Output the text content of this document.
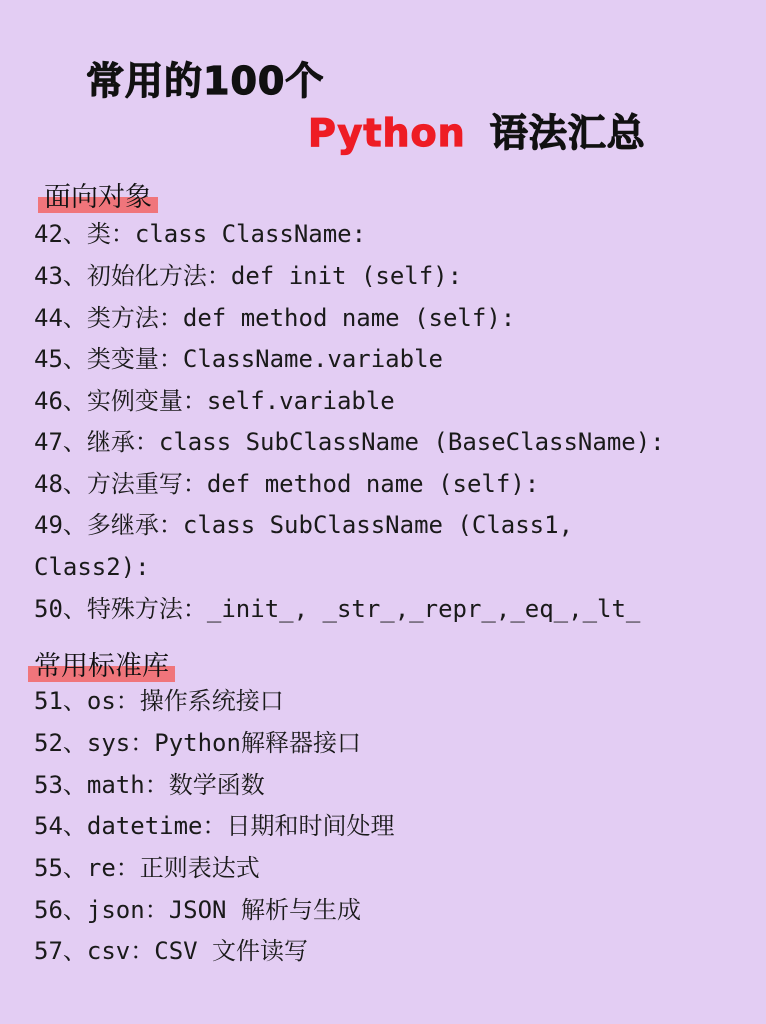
常用的100个
Python 语法汇总
面向对象
42、类：class ClassName:
43、初始化方法：def init (self):
44、类方法：def method name (self):
45、类变量：ClassName.variable
46、实例变量：self.variable
47、继承：class SubClassName (BaseClassName):
48、方法重写：def method name (self):
49、多继承：class SubClassName (Class1,
Class2):
50、特殊方法：_init_, _str_,_repr_,_eq_,_lt_
常用标准库
51、os：操作系统接口
52、sys：Python解释器接口
53、math：数学函数
54、datetime：日期和时间处理
55、re：正则表达式
56、json：JSON 解析与生成
57、csv：CSV 文件读写
